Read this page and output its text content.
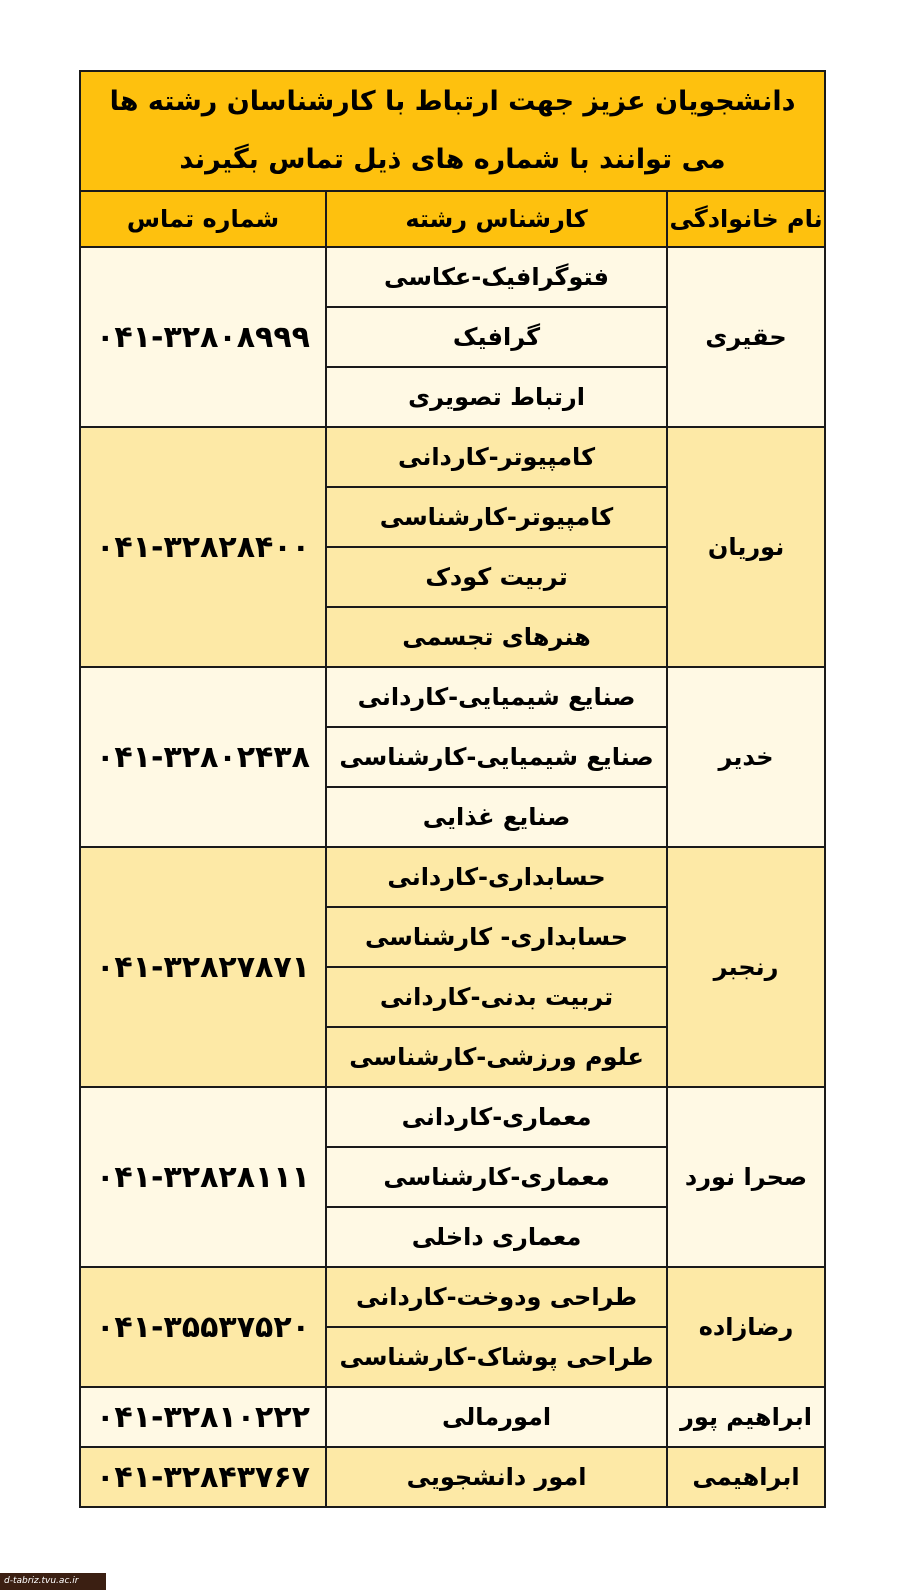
دانشجویان عزیز جهت ارتباط با کارشناسان رشته ها
می توانند با شماره های ذیل تماس بگیرند		

نام خانوادگی	کارشناس رشته	شماره تماس
حقیری	فتوگرافیک-عکاسی	۰۴۱-۳۲۸۰۸۹۹۹
	گرافیک	
	ارتباط تصویری	
نوریان	کامپیوتر-کاردانی	۰۴۱-۳۲۸۲۸۴۰۰
	کامپیوتر-کارشناسی	
	تربیت کودک	
	هنرهای تجسمی	
خدیر	صنایع شیمیایی-کاردانی	۰۴۱-۳۲۸۰۲۴۳۸
	صنایع شیمیایی-کارشناسی	
	صنایع غذایی	
رنجبر	حسابداری-کاردانی	۰۴۱-۳۲۸۲۷۸۷۱
	حسابداری- کارشناسی	
	تربیت بدنی-کاردانی	
	علوم ورزشی-کارشناسی	
صحرا نورد	معماری-کاردانی	۰۴۱-۳۲۸۲۸۱۱۱
	معماری-کارشناسی	
	معماری داخلی	
رضازاده	طراحی ودوخت-کاردانی	۰۴۱-۳۵۵۳۷۵۲۰
	طراحی پوشاک-کارشناسی	
ابراهیم پور	امورمالی	۰۴۱-۳۲۸۱۰۲۲۲
ابراهیمی	امور دانشجویی	۰۴۱-۳۲۸۴۳۷۶۷
d-tabriz.tvu.ac.ir
